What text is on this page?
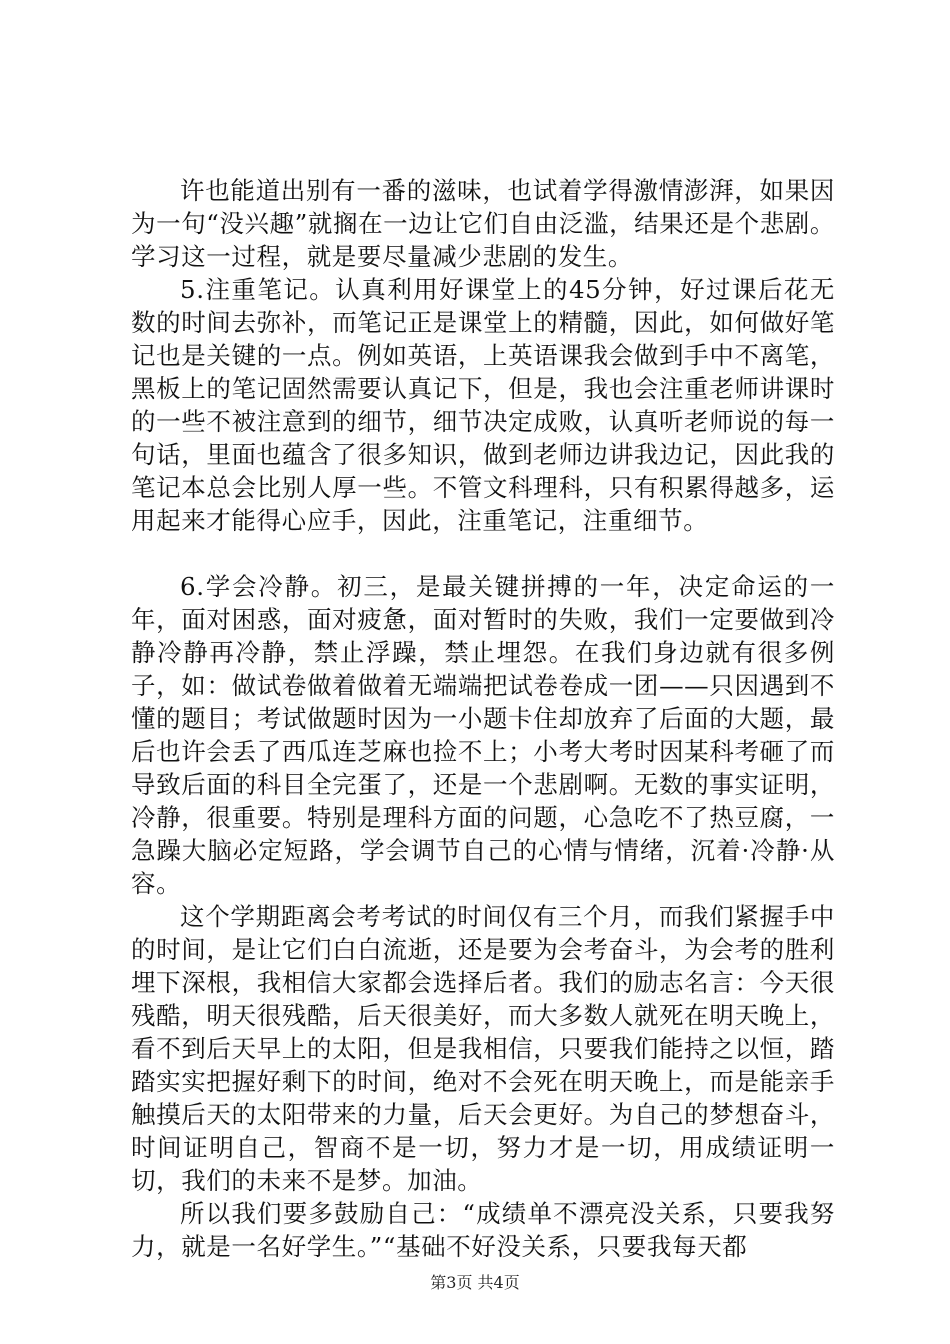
许也能道出别有一番的滋味，也试着学得激情澎湃，如果因为一句“没兴趣”就搁在一边让它们自由泛滥，结果还是个悲剧。学习这一过程，就是要尽量减少悲剧的发生。

5.注重笔记。认真利用好课堂上的45分钟，好过课后花无数的时间去弥补，而笔记正是课堂上的精髓，因此，如何做好笔记也是关键的一点。例如英语，上英语课我会做到手中不离笔，黑板上的笔记固然需要认真记下，但是，我也会注重老师讲课时的一些不被注意到的细节，细节决定成败，认真听老师说的每一句话，里面也蕴含了很多知识，做到老师边讲我边记，因此我的笔记本总会比别人厚一些。不管文科理科，只有积累得越多，运用起来才能得心应手，因此，注重笔记，注重细节。

6.学会冷静。初三，是最关键拼搏的一年，决定命运的一年，面对困惑，面对疲惫，面对暂时的失败，我们一定要做到冷静冷静再冷静，禁止浮躁，禁止埋怨。在我们身边就有很多例子，如：做试卷做着做着无端端把试卷卷成一团——只因遇到不懂的题目；考试做题时因为一小题卡住却放弃了后面的大题，最后也许会丢了西瓜连芝麻也捡不上；小考大考时因某科考砸了而导致后面的科目全完蛋了，还是一个悲剧啊。无数的事实证明，冷静，很重要。特别是理科方面的问题，心急吃不了热豆腐，一急躁大脑必定短路，学会调节自己的心情与情绪，沉着·冷静·从容。

这个学期距离会考考试的时间仅有三个月，而我们紧握手中的时间，是让它们白白流逝，还是要为会考奋斗，为会考的胜利埋下深根，我相信大家都会选择后者。我们的励志名言：今天很残酷，明天很残酷，后天很美好，而大多数人就死在明天晚上，看不到后天早上的太阳，但是我相信，只要我们能持之以恒，踏踏实实把握好剩下的时间，绝对不会死在明天晚上，而是能亲手触摸后天的太阳带来的力量，后天会更好。为自己的梦想奋斗，时间证明自己，智商不是一切，努力才是一切，用成绩证明一切，我们的未来不是梦。加油。

所以我们要多鼓励自己：“成绩单不漂亮没关系，只要我努力，就是一名好学生。”“基础不好没关系，只要我每天都

第3页 共4页
